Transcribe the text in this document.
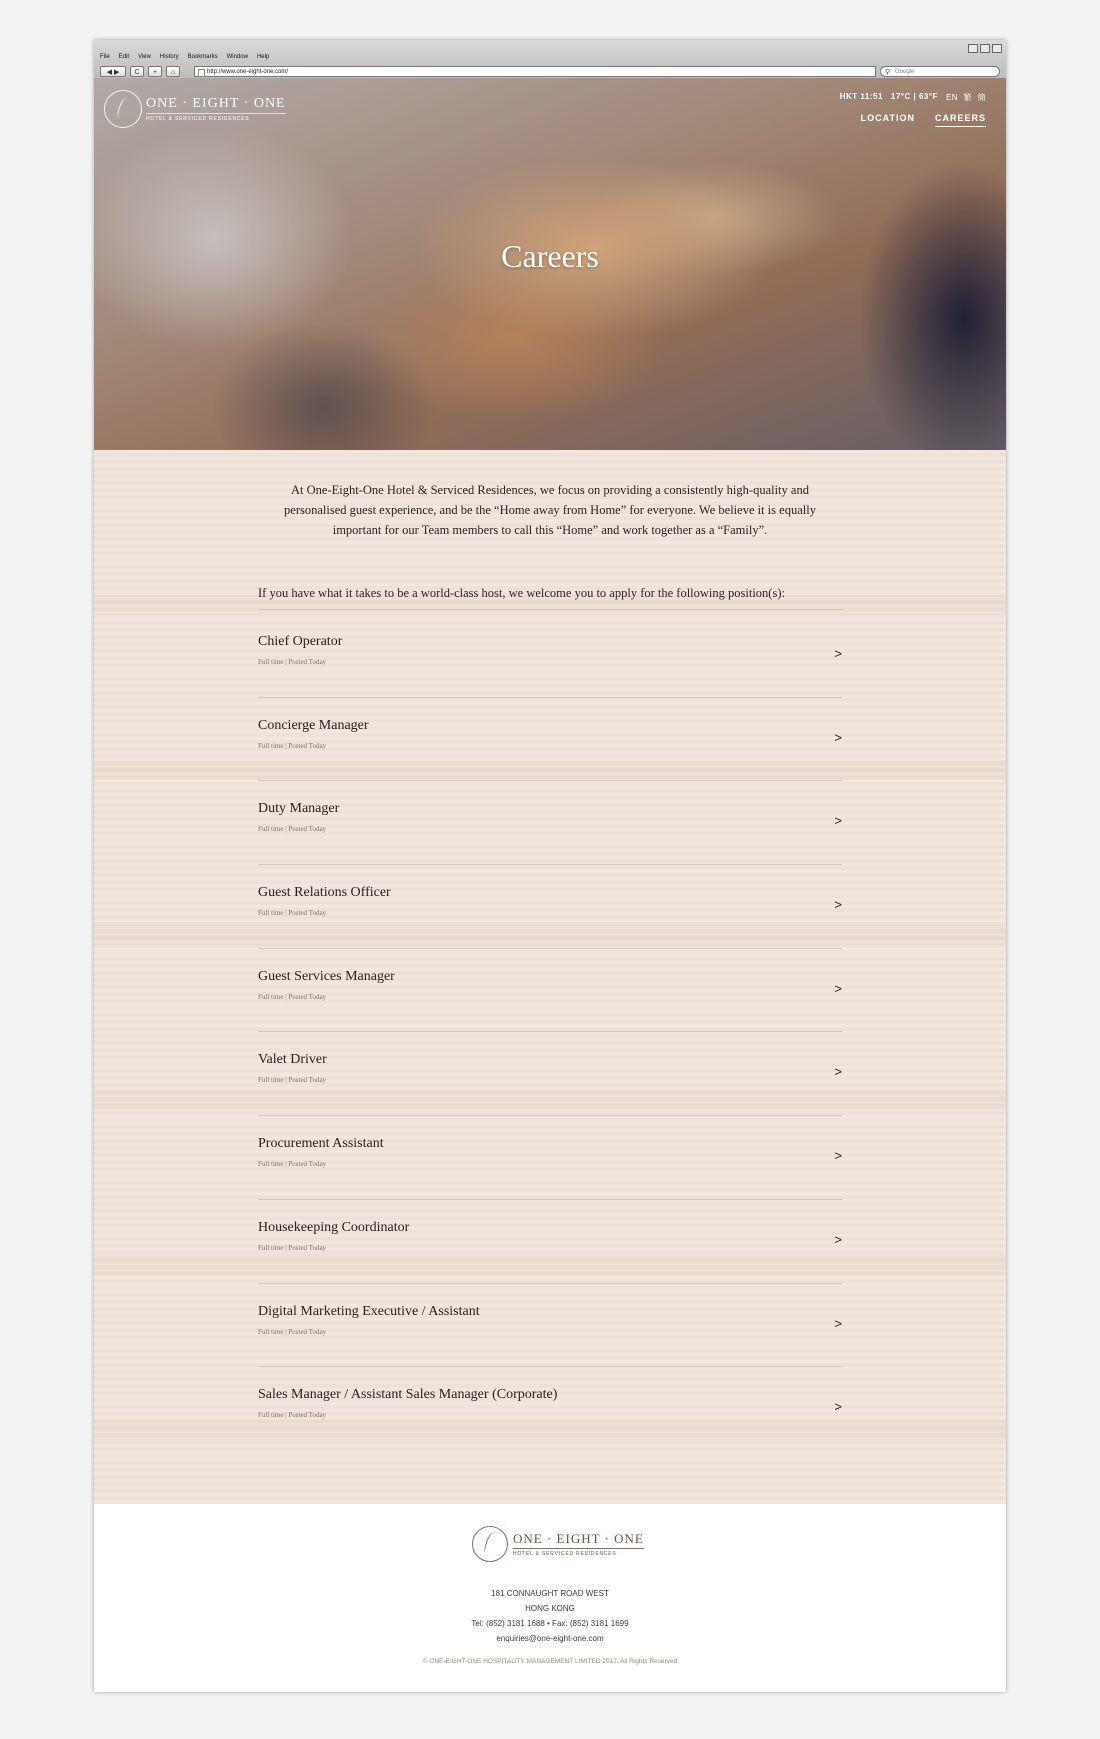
File Edit View History Bookmarks Window Help
◀ ▶	C	+	⌂	http://www.one-eight-one.com/	⚲ Google
ONE · EIGHT · ONE
HOTEL & SERVICED RESIDENCES
HKT 11:51 17°C | 63°F EN 繁 簡
LOCATION CAREERS
Careers

At One-Eight-One Hotel & Serviced Residences, we focus on providing a consistently high-quality and personalised guest experience, and be the “Home away from Home” for everyone. We believe it is equally important for our Team members to call this “Home” and work together as a “Family”.

If you have what it takes to be a world-class host, we welcome you to apply for the following position(s):
Chief Operator
Full time | Posted Today
>
Concierge Manager
Full time | Posted Today
>
Duty Manager
Full time | Posted Today
>
Guest Relations Officer
Full time | Posted Today
>
Guest Services Manager
Full time | Posted Today
>
Valet Driver
Full time | Posted Today
>
Procurement Assistant
Full time | Posted Today
>
Housekeeping Coordinator
Full time | Posted Today
>
Digital Marketing Executive / Assistant
Full time | Posted Today
>
Sales Manager / Assistant Sales Manager (Corporate)
Full time | Posted Today
>
ONE · EIGHT · ONE
HOTEL & SERVICED RESIDENCES
181 CONNAUGHT ROAD WEST
HONG KONG
Tel: (852) 3181 1688 • Fax: (852) 3181 1699
enquiries@one-eight-one.com
© ONE-EIGHT-ONE HOSPITALITY MANAGEMENT LIMITED 2017. All Rights Reserved
